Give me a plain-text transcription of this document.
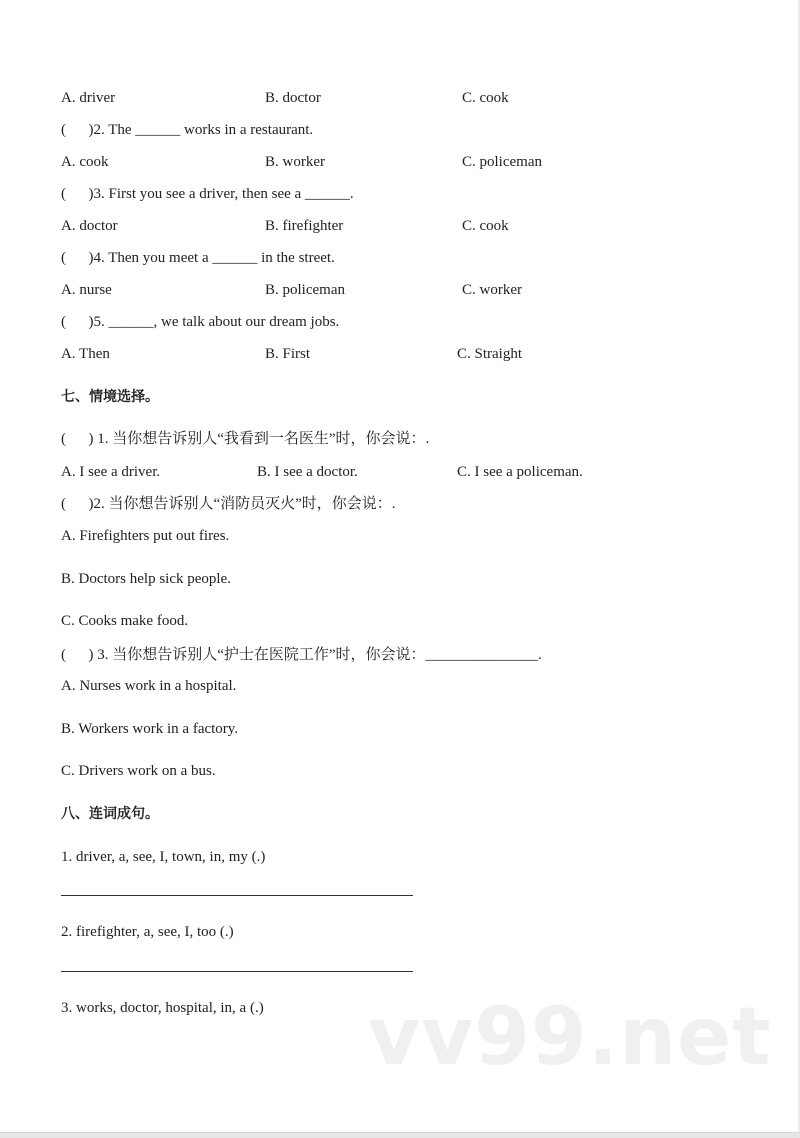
A. driver	B. doctor	C. cook
(      )2. The ______ works in a restaurant.
A. cook	B. worker	C. policeman
(      )3. First you see a driver, then see a ______.
A. doctor	B. firefighter	C. cook
(      )4. Then you meet a ______ in the street.
A. nurse	B. policeman	C. worker
(      )5. ______, we talk about our dream jobs.
A. Then	B. First	C. Straight
七、情境选择。
(      ) 1. 当你想告诉别人“我看到一名医生”时，你会说：.
A. I see a driver.	B. I see a doctor.	C. I see a policeman.
(      )2. 当你想告诉别人“消防员灭火”时，你会说：.
A. Firefighters put out fires.
B. Doctors help sick people.
C. Cooks make food.
(      ) 3. 当你想告诉别人“护士在医院工作”时，你会说：_______________.
A. Nurses work in a hospital.
B. Workers work in a factory.
C. Drivers work on a bus.
八、连词成句。
1. driver, a, see, I, town, in, my (.)
2. firefighter, a, see, I, too (.)
3. works, doctor, hospital, in, a (.) vv99.net
